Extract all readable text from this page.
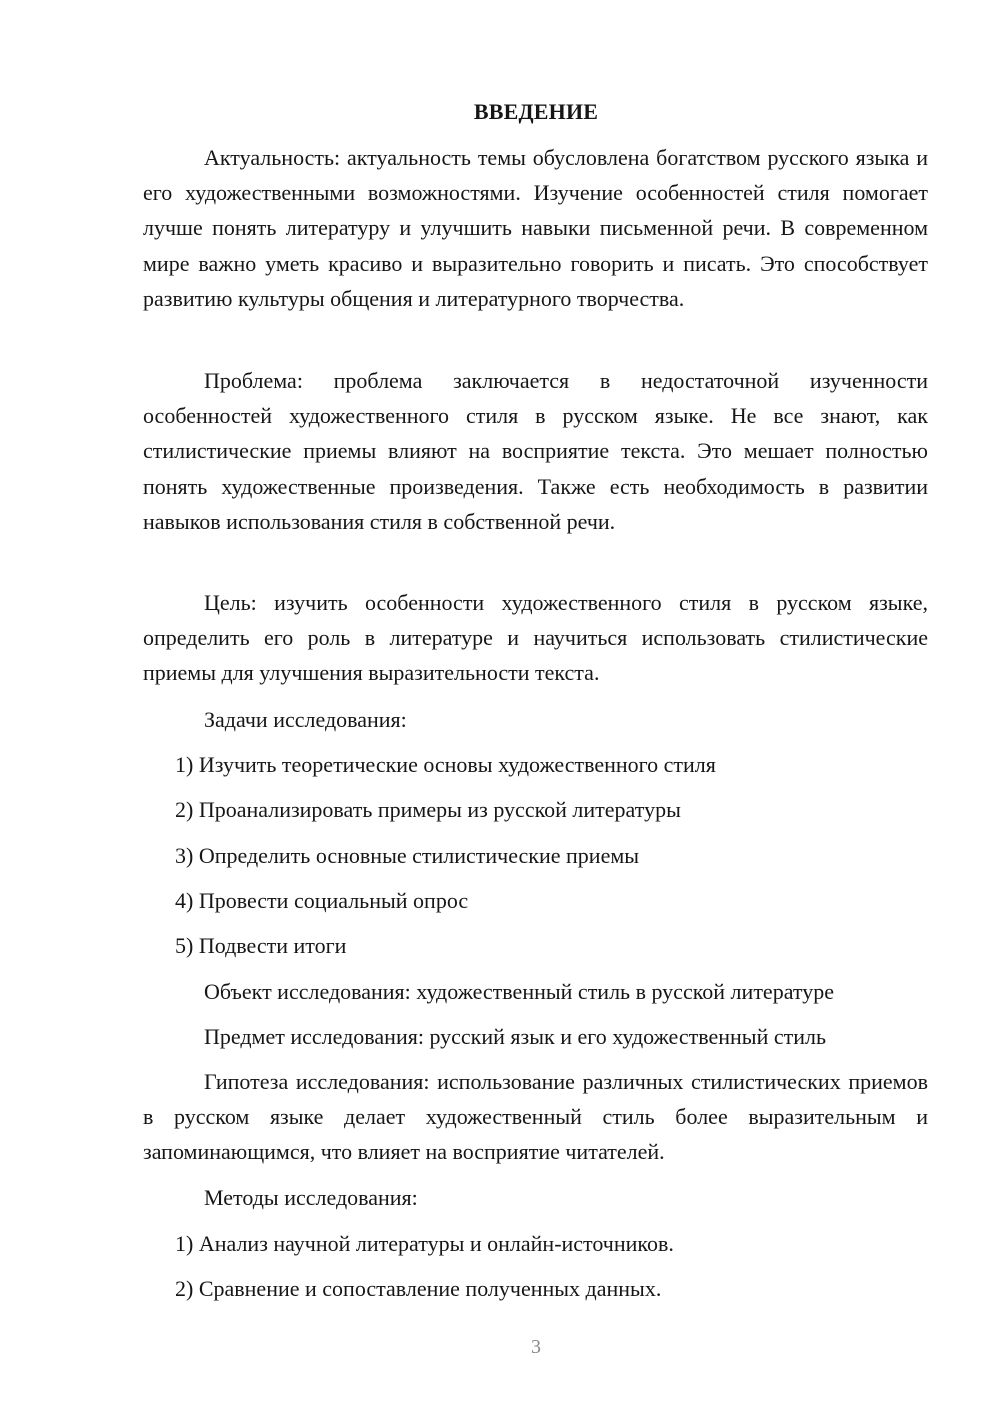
ВВЕДЕНИЕ

Актуальность: актуальность темы обусловлена богатством русского языка и его художественными возможностями. Изучение особенностей стиля помогает лучше понять литературу и улучшить навыки письменной речи. В современном мире важно уметь красиво и выразительно говорить и писать. Это способствует развитию культуры общения и литературного творчества.

Проблема: проблема заключается в недостаточной изученности особенностей художественного стиля в русском языке. Не все знают, как стилистические приемы влияют на восприятие текста. Это мешает полностью понять художественные произведения. Также есть необходимость в развитии навыков использования стиля в собственной речи.

Цель: изучить особенности художественного стиля в русском языке, определить его роль в литературе и научиться использовать стилистические приемы для улучшения выразительности текста.

Задачи исследования:

1) Изучить теоретические основы художественного стиля

2) Проанализировать примеры из русской литературы

3) Определить основные стилистические приемы

4) Провести социальный опрос

5) Подвести итоги

Объект исследования: художественный стиль в русской литературе

Предмет исследования: русский язык и его художественный стиль

Гипотеза исследования: использование различных стилистических приемов в русском языке делает художественный стиль более выразительным и запоминающимся, что влияет на восприятие читателей.

Методы исследования:

1) Анализ научной литературы и онлайн-источников.

2) Сравнение и сопоставление полученных данных.

3
